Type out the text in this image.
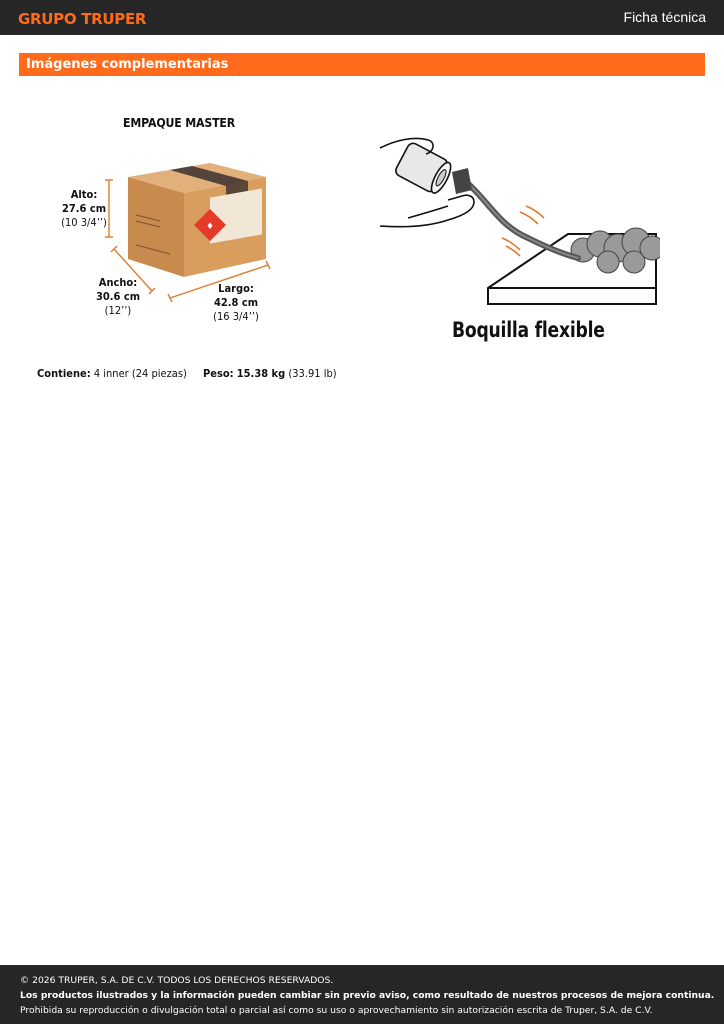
GRUPO TRUPER	Ficha técnica
Imágenes complementarias
EMPAQUE MASTER
♦
Alto:
27.6 cm
(10 3/4’’)
Ancho:
30.6 cm
(12’’)
Largo:
42.8 cm
(16 3/4’’)
Contiene: 4 inner (24 piezas) Peso: 15.38 kg (33.91 lb)
Boquilla flexible
© 2026 TRUPER, S.A. DE C.V. TODOS LOS DERECHOS RESERVADOS.
Los productos ilustrados y la información pueden cambiar sin previo aviso, como resultado de nuestros procesos de mejora continua.
Prohibida su reproducción o divulgación total o parcial así como su uso o aprovechamiento sin autorización escrita de Truper, S.A. de C.V.
